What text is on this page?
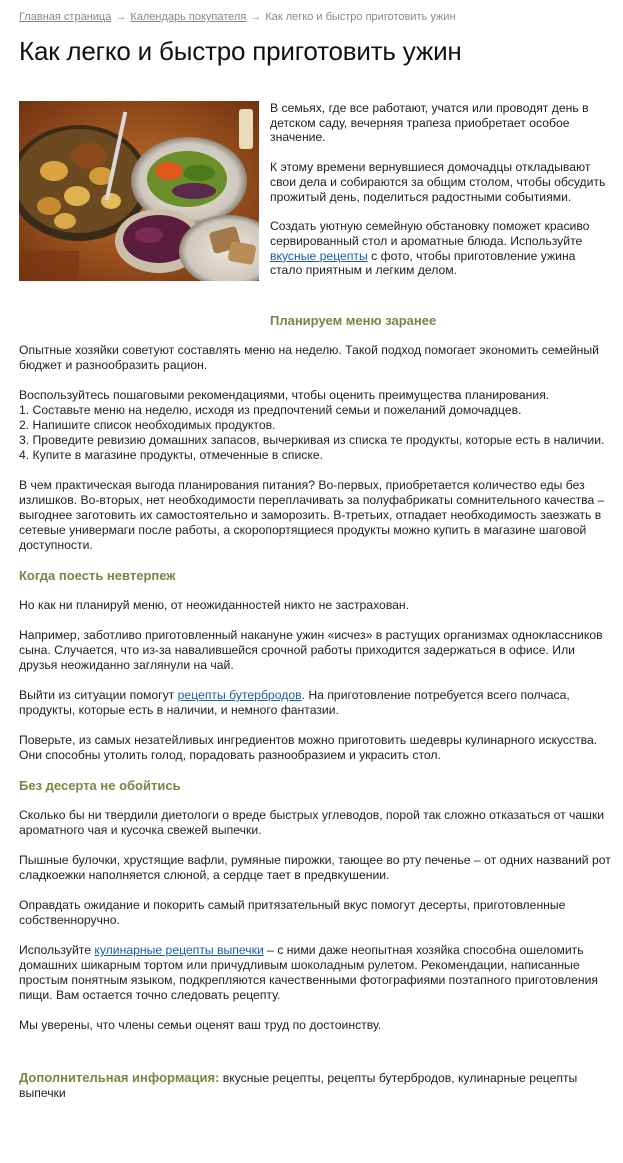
Главная страница → Календарь покупателя → Как легко и быстро приготовить ужин
Как легко и быстро приготовить ужин

В семьях, где все работают, учатся или проводят день в детском саду, вечерняя трапеза приобретает особое значение.

К этому времени вернувшиеся домочадцы откладывают свои дела и собираются за общим столом, чтобы обсудить прожитый день, поделиться радостными событиями.

Создать уютную семейную обстановку поможет красиво сервированный стол и ароматные блюда. Используйте вкусные рецепты с фото, чтобы приготовление ужина стало приятным и легким делом.

Планируем меню заранее

Опытные хозяйки советуют составлять меню на неделю. Такой подход помогает экономить семейный бюджет и разнообразить рацион.

Воспользуйтесь пошаговыми рекомендациями, чтобы оценить преимущества планирования.
1. Составьте меню на неделю, исходя из предпочтений семьи и пожеланий домочадцев.
2. Напишите список необходимых продуктов.
3. Проведите ревизию домашних запасов, вычеркивая из списка те продукты, которые есть в наличии.
4. Купите в магазине продукты, отмеченные в списке.

В чем практическая выгода планирования питания? Во-первых, приобретается количество еды без излишков. Во-вторых, нет необходимости переплачивать за полуфабрикаты сомнительного качества – выгоднее заготовить их самостоятельно и заморозить. В-третьих, отпадает необходимость заезжать в сетевые универмаги после работы, а скоропортящиеся продукты можно купить в магазине шаговой доступности.

Когда поесть невтерпеж

Но как ни планируй меню, от неожиданностей никто не застрахован.

Например, заботливо приготовленный накануне ужин «исчез» в растущих организмах одноклассников сына. Случается, что из-за навалившейся срочной работы приходится задержаться в офисе. Или друзья неожиданно заглянули на чай.

Выйти из ситуации помогут рецепты бутербродов. На приготовление потребуется всего полчаса, продукты, которые есть в наличии, и немного фантазии.

Поверьте, из самых незатейливых ингредиентов можно приготовить шедевры кулинарного искусства. Они способны утолить голод, порадовать разнообразием и украсить стол.

Без десерта не обойтись

Сколько бы ни твердили диетологи о вреде быстрых углеводов, порой так сложно отказаться от чашки ароматного чая и кусочка свежей выпечки.

Пышные булочки, хрустящие вафли, румяные пирожки, тающее во рту печенье – от одних названий рот сладкоежки наполняется слюной, а сердце тает в предвкушении.

Оправдать ожидание и покорить самый притязательный вкус помогут десерты, приготовленные собственноручно.

Используйте кулинарные рецепты выпечки – с ними даже неопытная хозяйка способна ошеломить домашних шикарным тортом или причудливым шоколадным рулетом. Рекомендации, написанные простым понятным языком, подкрепляются качественными фотографиями поэтапного приготовления пищи. Вам остается точно следовать рецепту.

Мы уверены, что члены семьи оценят ваш труд по достоинству.

Дополнительная информация: вкусные рецепты, рецепты бутербродов, кулинарные рецепты выпечки
